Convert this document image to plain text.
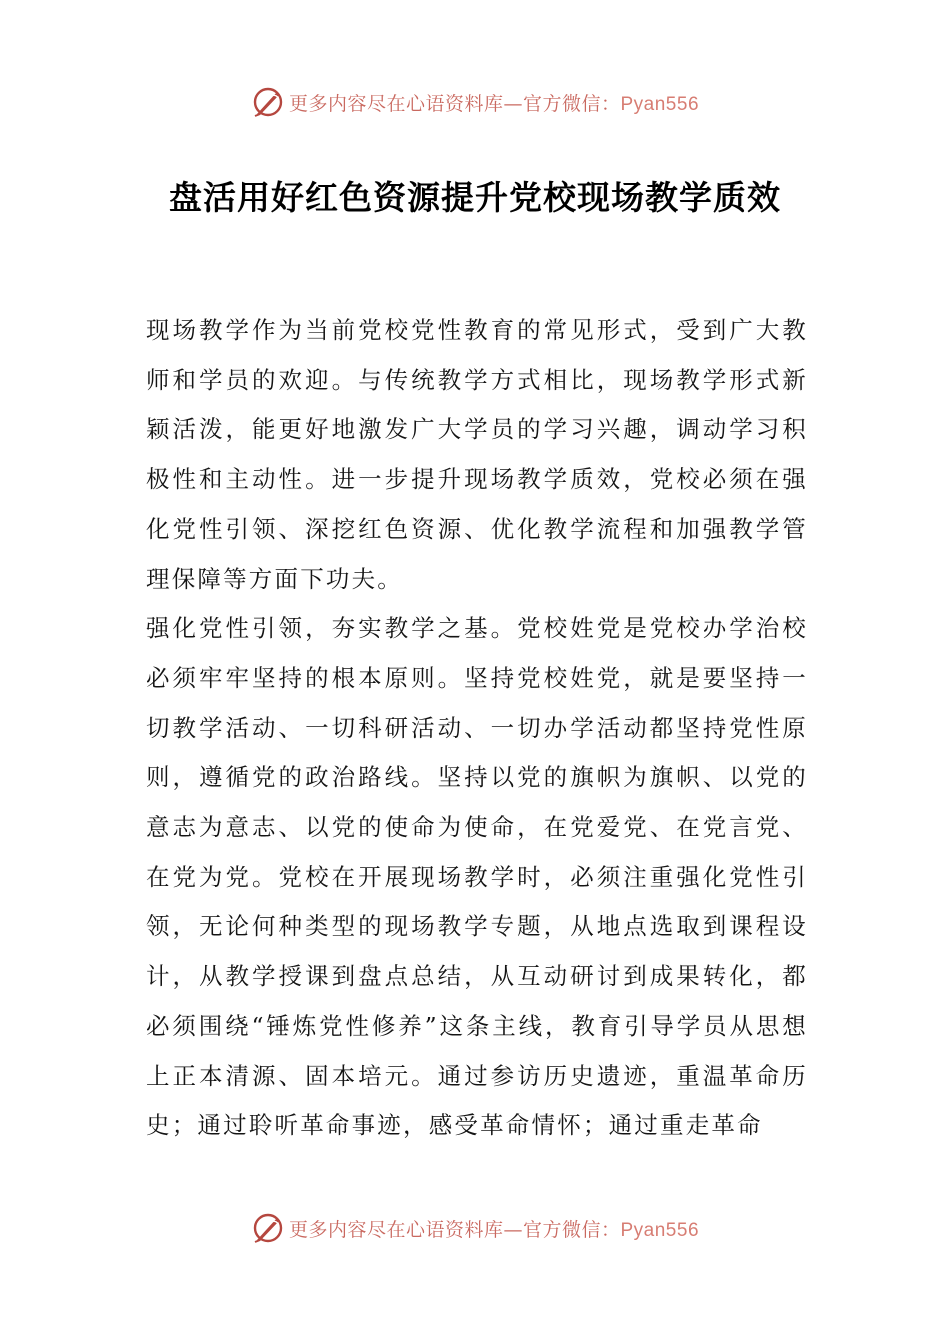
更多内容尽在心语资料库—官方微信：Pyan556
盘活用好红色资源提升党校现场教学质效

现场教学作为当前党校党性教育的常见形式，受到广大教师和学员的欢迎。与传统教学方式相比，现场教学形式新颖活泼，能更好地激发广大学员的学习兴趣，调动学习积极性和主动性。进一步提升现场教学质效，党校必须在强化党性引领、深挖红色资源、优化教学流程和加强教学管理保障等方面下功夫。

强化党性引领，夯实教学之基。党校姓党是党校办学治校必须牢牢坚持的根本原则。坚持党校姓党，就是要坚持一切教学活动、一切科研活动、一切办学活动都坚持党性原则，遵循党的政治路线。坚持以党的旗帜为旗帜、以党的意志为意志、以党的使命为使命，在党爱党、在党言党、在党为党。党校在开展现场教学时，必须注重强化党性引领，无论何种类型的现场教学专题，从地点选取到课程设计，从教学授课到盘点总结，从互动研讨到成果转化，都必须围绕“锤炼党性修养”这条主线，教育引导学员从思想上正本清源、固本培元。通过参访历史遗迹，重温革命历史；通过聆听革命事迹，感受革命情怀；通过重走革命

更多内容尽在心语资料库—官方微信：Pyan556
